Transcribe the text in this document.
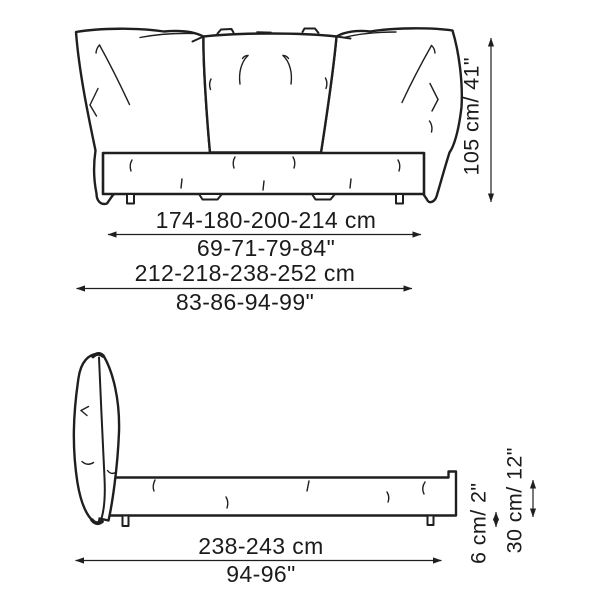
174-180-200-214 cm
69-71-79-84"
212-218-238-252 cm
83-86-94-99"
105 cm/ 41"
238-243 cm
94-96"
6 cm/ 2" 30 cm/ 12"
